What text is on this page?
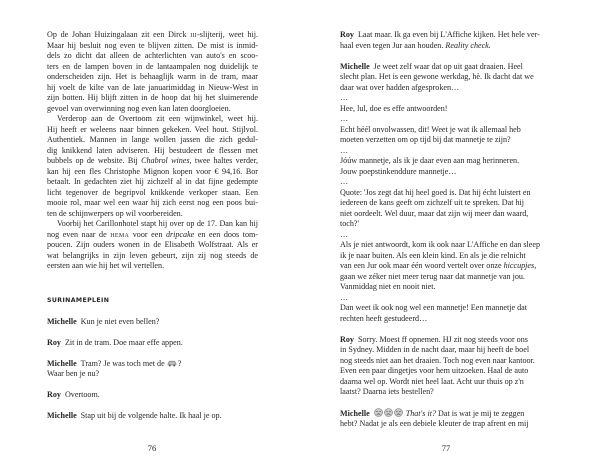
Op de Johan Huizingalaan zit een Dirck iii-slijterij, weet hij.
Maar hij besluit nog even te blijven zitten. De mist is inmid-
dels zo dicht dat alleen de achterlichten van auto's en scoo-
ters en de lampen boven in de lantaampalen nog duidelijk te
onderscheiden zijn. Het is behaaglijk warm in de tram, maar
hij voelt de kilte van de late januarimiddag in Nieuw-West in
zijn botten. Hij blijft zitten in de hoop dat hij het sluimerende
gevoel van overwinning nog even kan laten doorgloeien.
Verderop aan de Overtoom zit een wijnwinkel, weet hij.
Hij heeft er weleens naar binnen gekeken. Veel hout. Stijlvol.
Authentiek. Mannen in lange wollen jassen die zich gedul-
dig knikkend laten adviseren. Hij bestudeert de flessen met
bubbels op de website. Bij Chabrol wines, twee haltes verder,
kan hij een fles Christophe Mignon kopen voor € 94,16. Bor
betaalt. In gedachten ziet hij zichzelf al in dat fijne gedempte
licht tegenover de begripvol knikkende verkoper staan. Een
mooie rol, maar wel een waar hij zich eerst nog een poos bui-
ten de schijnwerpers op wil voorbereiden.
Voorbij het Carillonhotel stapt hij over op de 17. Dan kan hij
nog even naar de hema voor een dripcake en een doos tom-
poucen. Zijn ouders wonen in de Elisabeth Wolfstraat. Als er
wat belangrijks in zijn leven gebeurt, zijn zij nog steeds de
eersten aan wie hij het wil vertellen.
SURINAMEPLEIN
Michelle Kun je niet even bellen?
Roy Zit in de tram. Doe maar effe appen.
Michelle Tram? Je was toch met de ?
Waar ben je nu?
Roy Overtoom.
Michelle Stap uit bij de volgende halte. Ik haal je op.
76
Roy Laat maar. Ik ga even bij L'Affiche kijken. Het hele ver-
haal even tegen Jur aan houden. Reality check.
Michelle Je weet zelf waar dat op uit gaat draaien. Heel
slecht plan. Het is een gewone werkdag, hè. Ik dacht dat we
daar wat over hadden afgesproken…
…
Hee, lul, doe es effe antwoorden!
…
Echt héél onvolwassen, dit! Weet je wat ik allemaal heb
moeten verzetten om op tijd bij dat mannetje te zijn?
…
Jóúw mannetje, als ik je daar even aan mag herinneren.
Jouw poepstinkenddure mannetje…
…
Quote: 'Jos zegt dat hij heel goed is. Dat hij écht luistert en
iedereen de kans geeft om zichzelf uit te spreken. Dat hij
niet oordeelt. Wel duur, maar dat zijn wij meer dan waard,
toch?'
…
Als je niet antwoordt, kom ik ook naar L'Affiche en dan sleep
ik je naar buiten. Als een klein kind. En als je die relnicht
van een Jur ook maar één woord vertelt over onze hiccupjes,
gaan we zéker niet meer terug naar dat mannetje van jou.
Vanmiddag niet en nooit niet.
…
Dan weet ik ook nog wel een mannetje! Een mannetje dat
rechten heeft gestudeerd…
Roy Sorry. Moest ff opnemen. HJ zit nog steeds voor ons
in Sydney. Midden in de nacht daar, maar hij heeft de boel
nog steeds niet aan het draaien. Toch nog even naar kantoor.
Even een paar dingetjes voor hem uitzoeken. Haal de auto
daarna wel op. Wordt niet heel laat. Acht uur thuis op z'n
laatst? Daarna iets bestellen?
Michelle	That's it? Dat is wat je mij te zeggen
hebt? Nadat je als een debiele kleuter de trap afrent en mij
77
